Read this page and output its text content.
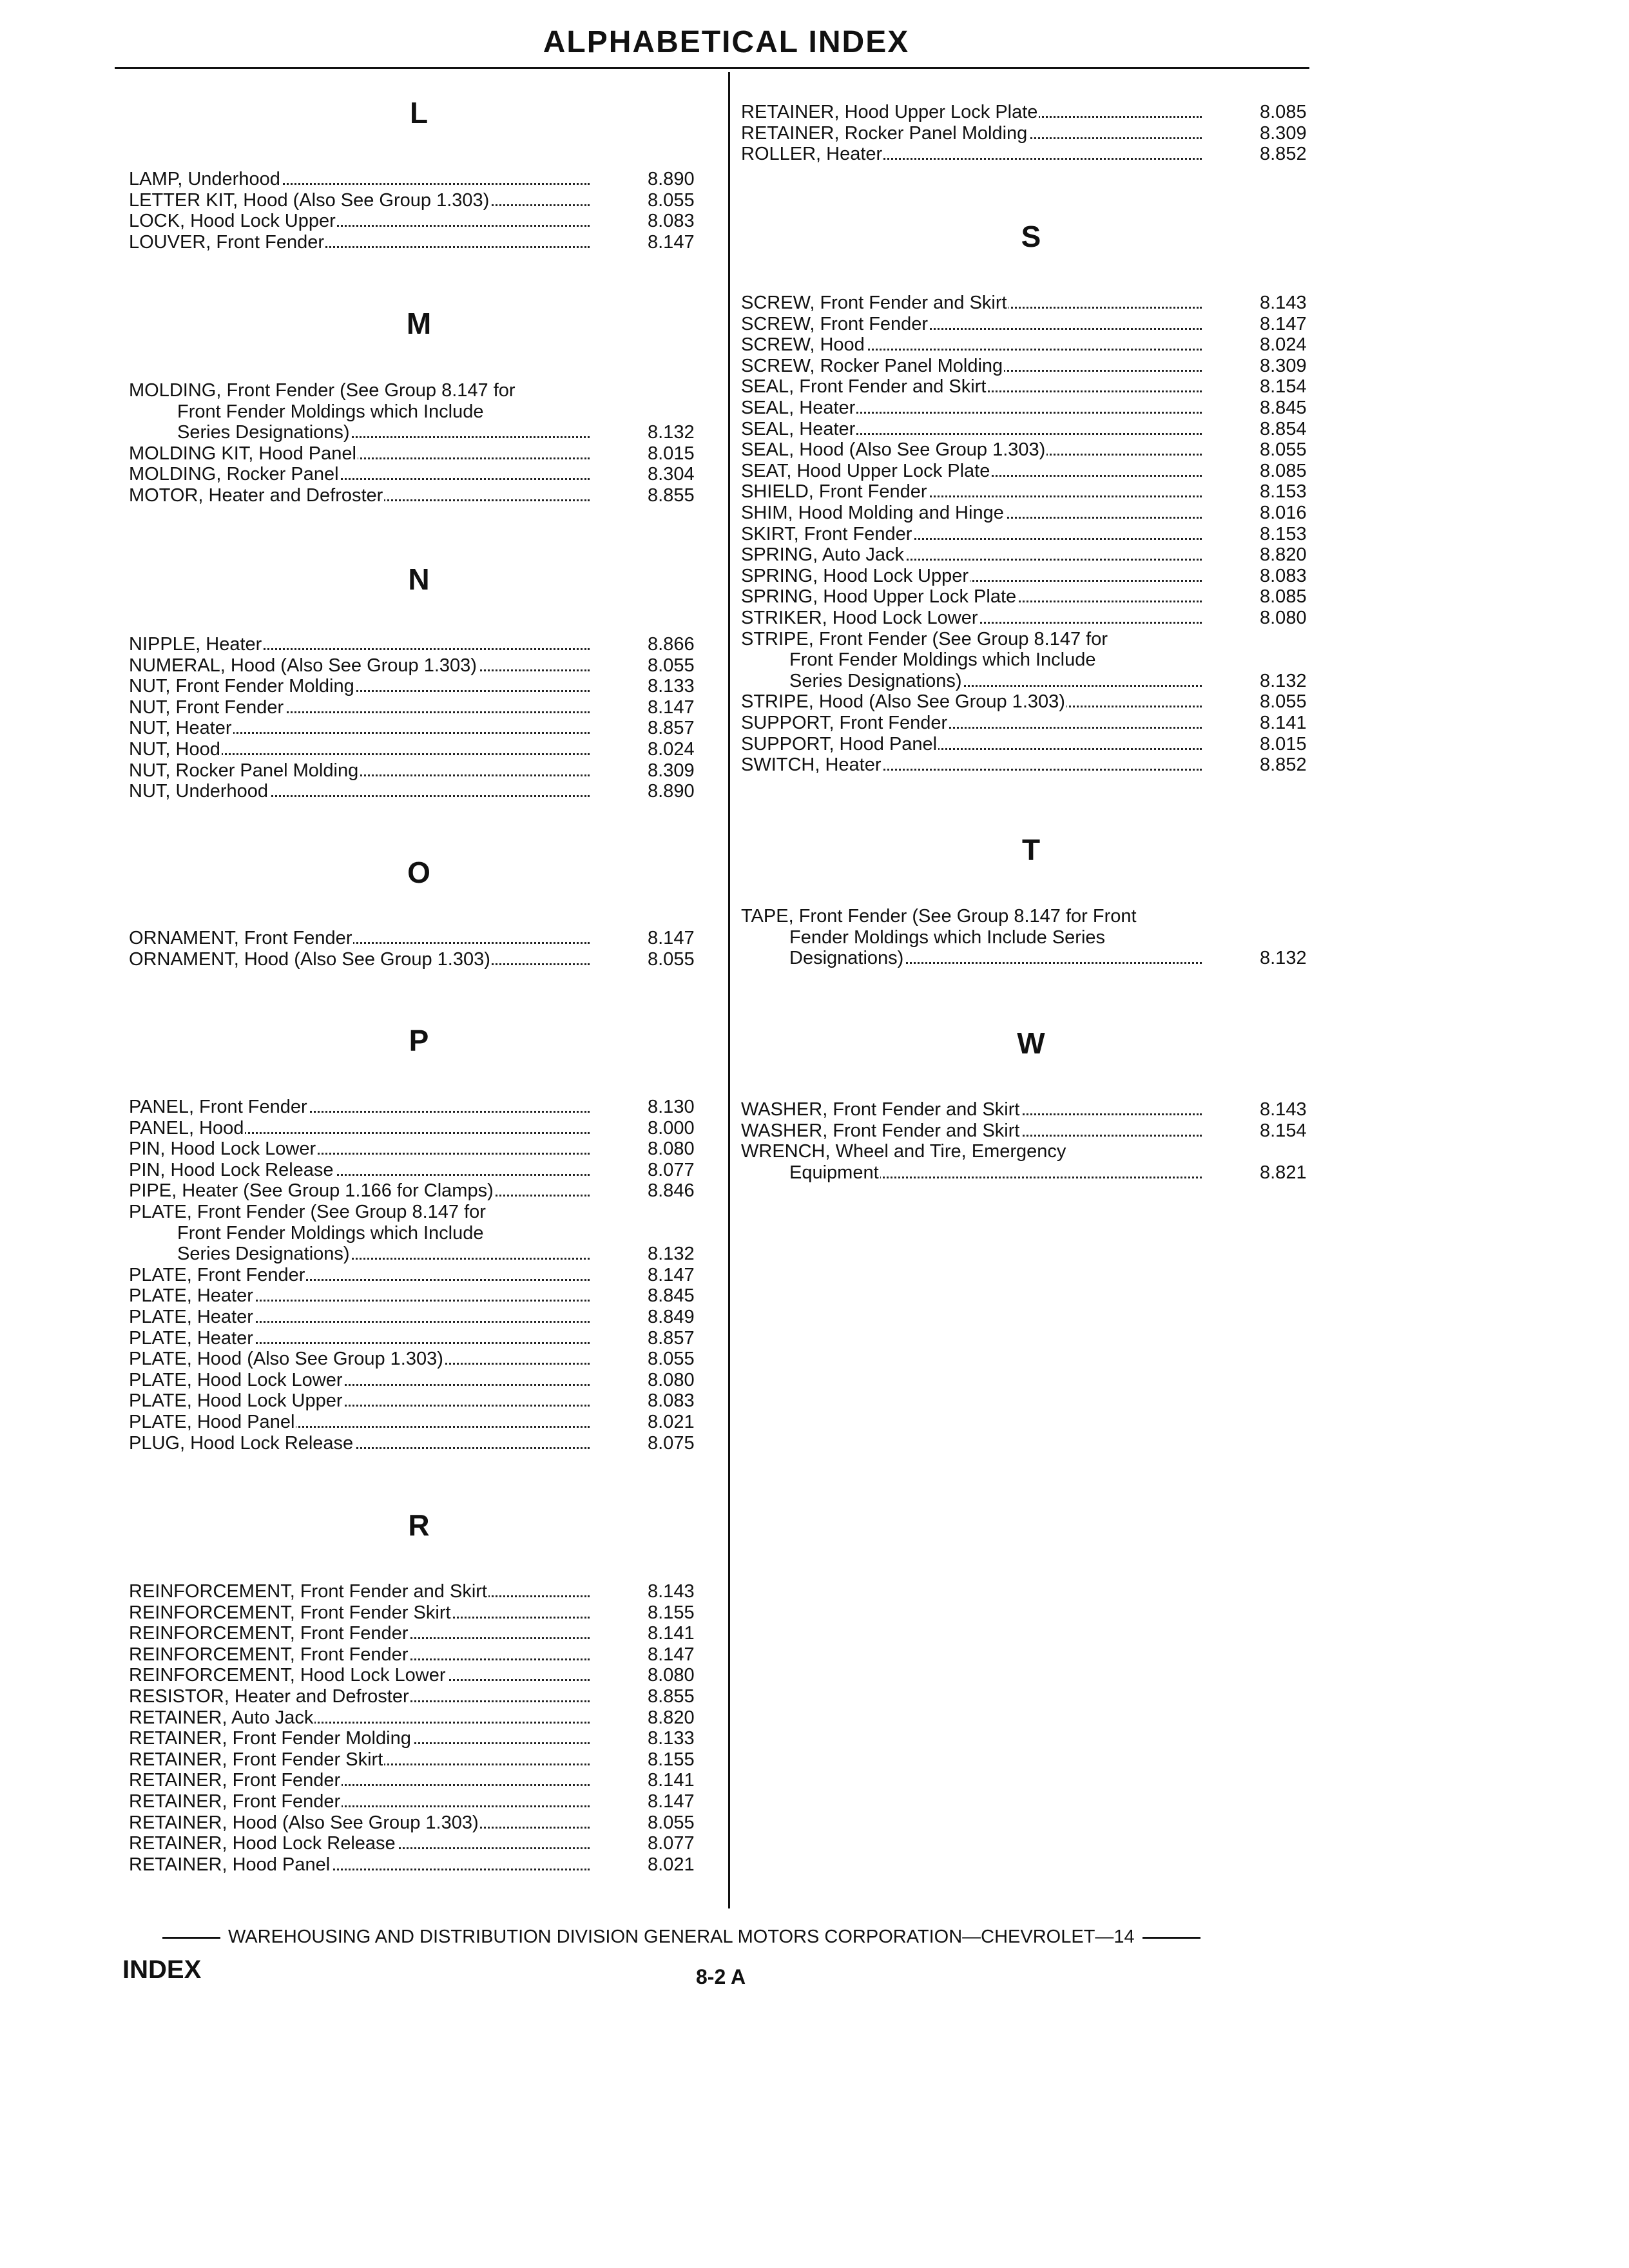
ALPHABETICAL INDEX
L
LAMP, Underhood	8.890
LETTER KIT, Hood (Also See Group 1.303)	8.055
LOCK, Hood Lock Upper	8.083
LOUVER, Front Fender	8.147
M
MOLDING, Front Fender (See Group 8.147 for
Front Fender Moldings which Include
Series Designations)	8.132
MOLDING KIT, Hood Panel	8.015
MOLDING, Rocker Panel	8.304
MOTOR, Heater and Defroster	8.855
N
NIPPLE, Heater	8.866
NUMERAL, Hood (Also See Group 1.303)	8.055
NUT, Front Fender Molding	8.133
NUT, Front Fender	8.147
NUT, Heater	8.857
NUT, Hood	8.024
NUT, Rocker Panel Molding	8.309
NUT, Underhood	8.890
O
ORNAMENT, Front Fender	8.147
ORNAMENT, Hood (Also See Group 1.303)	8.055
P
PANEL, Front Fender	8.130
PANEL, Hood	8.000
PIN, Hood Lock Lower	8.080
PIN, Hood Lock Release	8.077
PIPE, Heater (See Group 1.166 for Clamps)	8.846
PLATE, Front Fender (See Group 8.147 for
Front Fender Moldings which Include
Series Designations)	8.132
PLATE, Front Fender	8.147
PLATE, Heater	8.845
PLATE, Heater	8.849
PLATE, Heater	8.857
PLATE, Hood (Also See Group 1.303)	8.055
PLATE, Hood Lock Lower	8.080
PLATE, Hood Lock Upper	8.083
PLATE, Hood Panel	8.021
PLUG, Hood Lock Release	8.075
R
REINFORCEMENT, Front Fender and Skirt	8.143
REINFORCEMENT, Front Fender Skirt	8.155
REINFORCEMENT, Front Fender	8.141
REINFORCEMENT, Front Fender	8.147
REINFORCEMENT, Hood Lock Lower	8.080
RESISTOR, Heater and Defroster	8.855
RETAINER, Auto Jack	8.820
RETAINER, Front Fender Molding	8.133
RETAINER, Front Fender Skirt	8.155
RETAINER, Front Fender	8.141
RETAINER, Front Fender	8.147
RETAINER, Hood (Also See Group 1.303)	8.055
RETAINER, Hood Lock Release	8.077
RETAINER, Hood Panel	8.021
RETAINER, Hood Upper Lock Plate	8.085
RETAINER, Rocker Panel Molding	8.309
ROLLER, Heater	8.852
S
SCREW, Front Fender and Skirt	8.143
SCREW, Front Fender	8.147
SCREW, Hood	8.024
SCREW, Rocker Panel Molding	8.309
SEAL, Front Fender and Skirt	8.154
SEAL, Heater	8.845
SEAL, Heater	8.854
SEAL, Hood (Also See Group 1.303)	8.055
SEAT, Hood Upper Lock Plate	8.085
SHIELD, Front Fender	8.153
SHIM, Hood Molding and Hinge	8.016
SKIRT, Front Fender	8.153
SPRING, Auto Jack	8.820
SPRING, Hood Lock Upper	8.083
SPRING, Hood Upper Lock Plate	8.085
STRIKER, Hood Lock Lower	8.080
STRIPE, Front Fender (See Group 8.147 for
Front Fender Moldings which Include
Series Designations)	8.132
STRIPE, Hood (Also See Group 1.303)	8.055
SUPPORT, Front Fender	8.141
SUPPORT, Hood Panel	8.015
SWITCH, Heater	8.852
T
TAPE, Front Fender (See Group 8.147 for Front
Fender Moldings which Include Series
Designations)	8.132
W
WASHER, Front Fender and Skirt	8.143
WASHER, Front Fender and Skirt	8.154
WRENCH, Wheel and Tire, Emergency
Equipment	8.821
WAREHOUSING AND DISTRIBUTION DIVISION GENERAL MOTORS CORPORATION—CHEVROLET—14
INDEX	8-2 A
